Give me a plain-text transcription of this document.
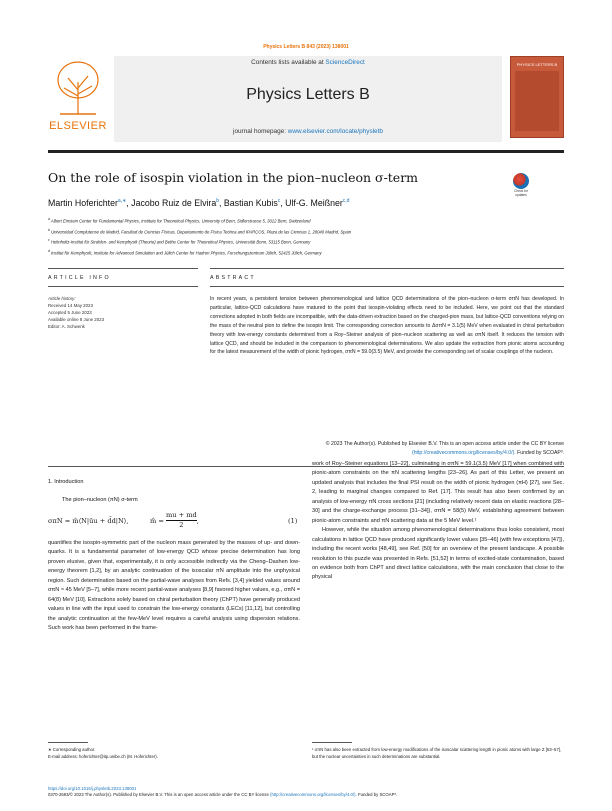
Physics Letters B 843 (2023) 138001
ELSEVIER
Contents lists available at ScienceDirect
Physics Letters B
journal homepage: www.elsevier.com/locate/physletb
PHYSICS LETTERS B
On the role of isospin violation in the pion–nucleon σ-term
Check for updates
Martin Hoferichter$^{a,∗}$, Jacobo Ruiz de Elvira$^b$, Bastian Kubis$^c$, Ulf-G. Meißner$^{c,d}$
$^a$ Albert Einstein Center for Fundamental Physics, Institute for Theoretical Physics, University of Bern, Sidlerstrasse 5, 3012 Bern, Switzerland
$^b$ Universidad Complutense de Madrid, Facultad de Ciencias Físicas, Departamento de Física Teórica and IPARCOS, Plaza de las Ciencias 1, 28040 Madrid, Spain
$^c$ Helmholtz-Institut für Strahlen- und Kernphysik (Theorie) and Bethe Center for Theoretical Physics, Universität Bonn, 53115 Bonn, Germany
$^d$ Institut für Kernphysik, Institute for Advanced Simulation and Jülich Center for Hadron Physics, Forschungszentrum Jülich, 52425 Jülich, Germany
ARTICLE INFO	ABSTRACT
Article history:
Received 14 May 2023
Accepted 5 June 2023
Available online 8 June 2023
Editor: A. Schwenk
In recent years, a persistent tension between phenomenological and lattice QCD determinations of the pion–nucleon σ-term σπN has developed. In particular, lattice-QCD calculations have matured to the point that isospin-violating effects need to be included. Here, we point out that the standard corrections adopted in both fields are incompatible, with the data-driven extraction based on the charged-pion mass, but lattice-QCD conventions relying on the mass of the neutral pion to define the isospin limit. The corresponding correction amounts to ΔσπN = 3.1(5) MeV when evaluated in chiral perturbation theory with low-energy constants determined from a Roy–Steiner analysis of pion–nucleon scattering as well as σπN itself. It reduces the tension with lattice QCD, and should be included in the comparison to phenomenological determinations. We also update the extraction from pionic atoms accounting for the latest measurement of the width of pionic hydrogen, σπN = 59.0(3.5) MeV, and provide the corresponding set of scalar couplings of the nucleon.
© 2023 The Author(s). Published by Elsevier B.V. This is an open access article under the CC BY license
(http://creativecommons.org/licenses/by/4.0/). Funded by SCOAP³.
1. Introduction
The pion–nucleon (πN) σ-term
σπN = m̂⟨N|ūu + d̄d|N⟩,	m̂ = $\frac{mu + md}{2}$ ,	(1)
quantifies the isospin-symmetric part of the nucleon mass generated by the masses of up- and down-quarks. It is a fundamental parameter of low-energy QCD whose precise determination has long proven elusive, given that, experimentally, it is only accessible indirectly via the Cheng–Dashen low-energy theorem [1,2], by an analytic continuation of the isoscalar πN amplitude into the unphysical region. Such determination based on the partial-wave analyses from Refs. [3,4] yielded values around σπN ≈ 45 MeV [5–7], while more recent partial-wave analyses [8,9] favored higher values, e.g., σπN = 64(8) MeV [10]. Extractions solely based on chiral perturbation theory (ChPT) have generally produced values in line with the input used to constrain the low-energy constants (LECs) [11,12], but controlling the analytic continuation at the few-MeV level requires a careful analysis using dispersion relations. Such work has been performed in the frame-
work of Roy–Steiner equations [13–22], culminating in σπN = 59.1(3.5) MeV [17] when combined with pionic-atom constraints on the πN scattering lengths [23–26]. As part of this Letter, we present an updated analysis that includes the final PSI result on the width of pionic hydrogen (πH) [27], see Sec. 2, leading to marginal changes compared to Ref. [17]. This result has also been confirmed by an analysis of low-energy πN cross sections [21] (including relatively recent data on elastic reactions [28–30] and the charge-exchange process [31–34]), σπN = 58(5) MeV, establishing agreement between pionic-atom constraints and πN scattering data at the 5 MeV level.¹
However, while the situation among phenomenological determinations thus looks consistent, most calculations in lattice QCD have produced significantly lower values [35–46] (with few exceptions [47]), including the recent works [48,49], see Ref. [50] for an overview of the present landscape. A possible resolution to this puzzle was presented in Refs. [51,52] in terms of excited-state contamination, based on evidence both from ChPT and direct lattice calculations, with the main conclusion that close to the physical
∗ Corresponding author.
E-mail address: hoferichter@itp.unibe.ch (M. Hoferichter).
¹ σπN has also been extracted from low-energy modifications of the isoscalar scattering length in pionic atoms with large Z [53–57], but the nuclear uncertainties in such determinations are substantial.
https://doi.org/10.1016/j.physletb.2023.138001
0370-2693/© 2023 The Author(s). Published by Elsevier B.V. This is an open access article under the CC BY license (http://creativecommons.org/licenses/by/4.0/). Funded by SCOAP³.
